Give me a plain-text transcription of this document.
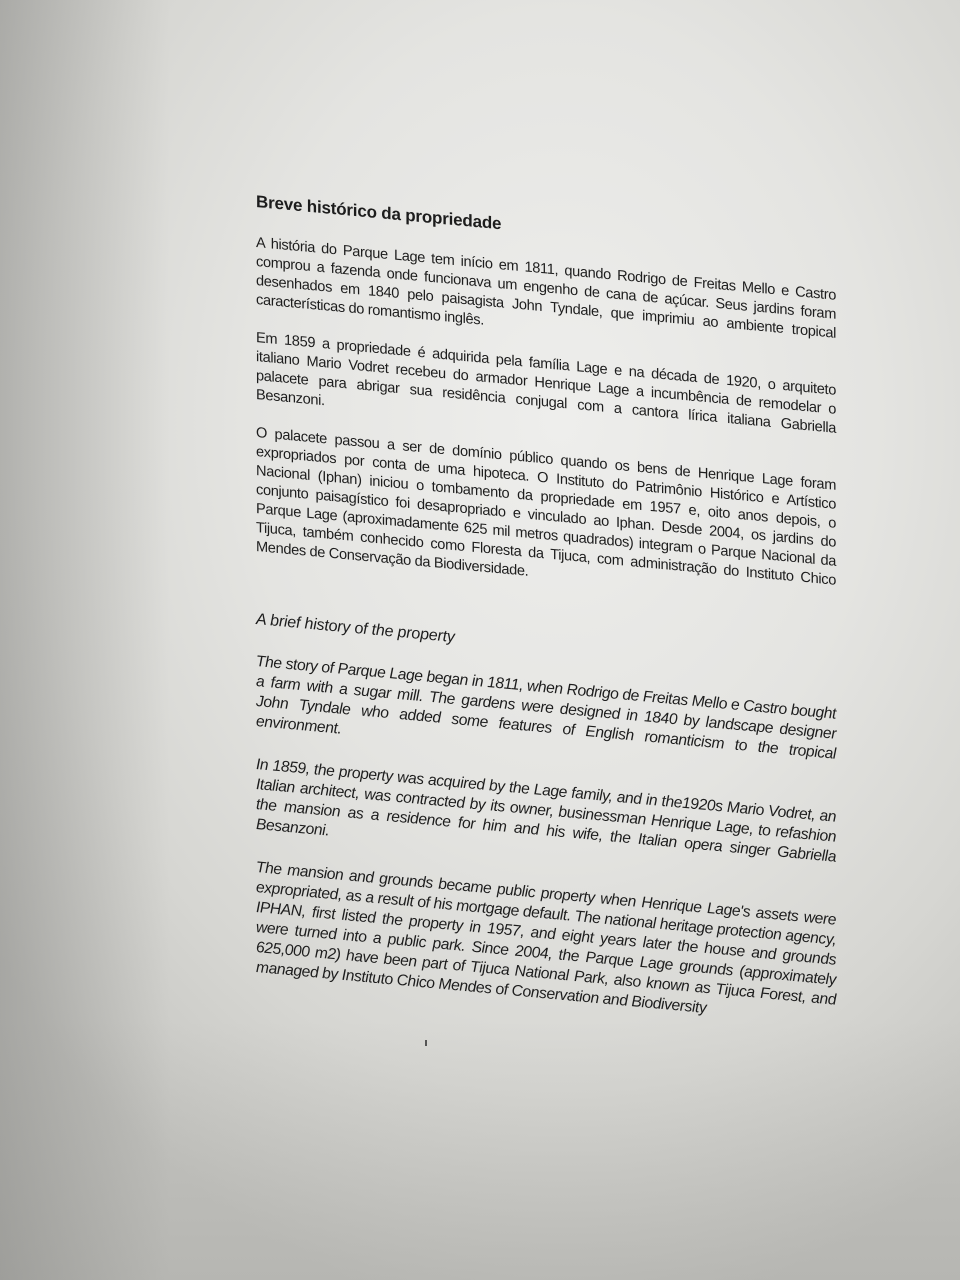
Breve histórico da propriedade

A história do Parque Lage tem início em 1811, quando Rodrigo de Freitas Mello e Castro comprou a fazenda onde funcionava um engenho de cana de açúcar. Seus jardins foram desenhados em 1840 pelo paisagista John Tyndale, que imprimiu ao ambiente tropical características do romantismo inglês.

Em 1859 a propriedade é adquirida pela família Lage e na década de 1920, o arquiteto italiano Mario Vodret recebeu do armador Henrique Lage a incumbência de remodelar o palacete para abrigar sua residência conjugal com a cantora lírica italiana Gabriella Besanzoni.

O palacete passou a ser de domínio público quando os bens de Henrique Lage foram expropriados por conta de uma hipoteca. O Instituto do Patrimônio Histórico e Artístico Nacional (Iphan) iniciou o tombamento da propriedade em 1957 e, oito anos depois, o conjunto paisagístico foi desapropriado e vinculado ao Iphan. Desde 2004, os jardins do Parque Lage (aproximadamente 625 mil metros quadrados) integram o Parque Nacional da Tijuca, também conhecido como Floresta da Tijuca, com administração do Instituto Chico Mendes de Conservação da Biodiversidade.

A brief history of the property

The story of Parque Lage began in 1811, when Rodrigo de Freitas Mello e Castro bought a farm with a sugar mill. The gardens were designed in 1840 by landscape designer John Tyndale who added some features of English romanticism to the tropical environment.

In 1859, the property was acquired by the Lage family, and in the1920s Mario Vodret, an Italian architect, was contracted by its owner, businessman Henrique Lage, to refashion the mansion as a residence for him and his wife, the Italian opera singer Gabriella Besanzoni.

The mansion and grounds became public property when Henrique Lage's assets were expropriated, as a result of his mortgage default. The national heritage protection agency, IPHAN, first listed the property in 1957, and eight years later the house and grounds were turned into a public park. Since 2004, the Parque Lage grounds (approximately 625,000 m2) have been part of Tijuca National Park, also known as Tijuca Forest, and managed by Instituto Chico Mendes of Conservation and Biodiversity
